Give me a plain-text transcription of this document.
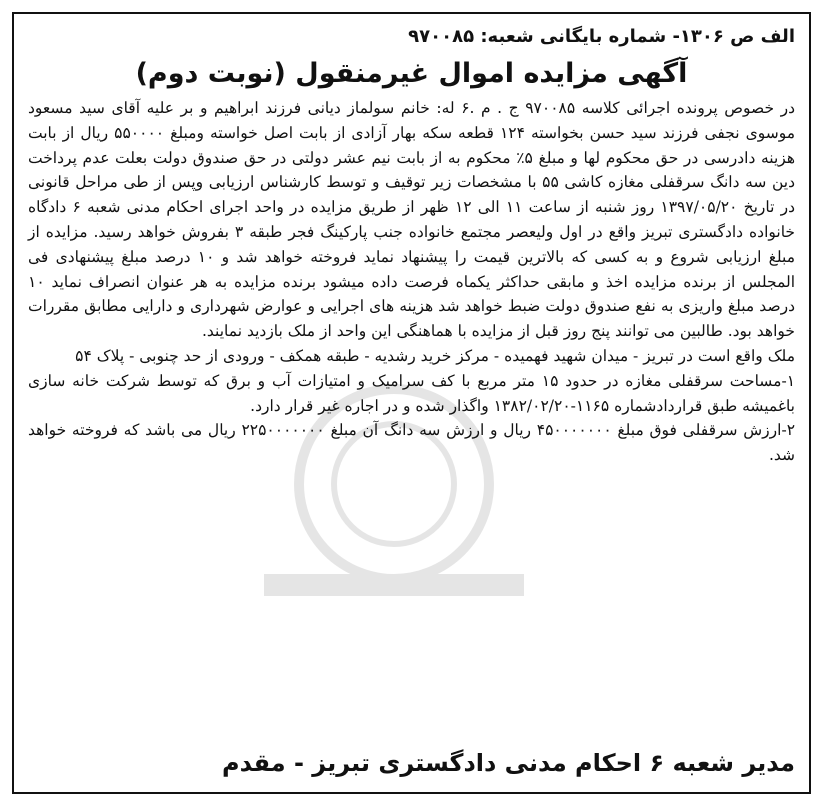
الف ص ۱۳۰۶- شماره بایگانی شعبه: ۹۷۰۰۸۵
آگهی مزایده اموال غیرمنقول (نوبت دوم)

در خصوص پرونده اجرائی کلاسه ۹۷۰۰۸۵ ج . م .۶ له: خانم سولماز دیانی فرزند ابراهیم و بر علیه آقای سید مسعود موسوی نجفی فرزند سید حسن بخواسته ۱۲۴ قطعه سکه بهار آزادی از بابت اصل خواسته ومبلغ ۵۵۰۰۰۰ ریال از بابت هزینه دادرسی در حق محکوم لها و مبلغ ۵٪ محکوم به از بابت نیم عشر دولتی در حق صندوق دولت بعلت عدم پرداخت دین سه دانگ سرقفلی مغازه کاشی ۵۵ با مشخصات زیر توقیف و توسط کارشناس ارزیابی وپس از طی مراحل قانونی در تاریخ ۱۳۹۷/۰۵/۲۰ روز شنبه از ساعت ۱۱ الی ۱۲ ظهر از طریق مزایده در واحد اجرای احکام مدنی شعبه ۶ دادگاه خانواده دادگستری تبریز واقع در اول ولیعصر مجتمع خانواده جنب پارکینگ فجر طبقه ۳ بفروش خواهد رسید. مزایده از مبلغ ارزیابی شروع و به کسی که بالاترین قیمت را پیشنهاد نماید فروخته خواهد شد و ۱۰ درصد مبلغ پیشنهادی فی المجلس از برنده مزایده اخذ و مابقی حداکثر یکماه فرصت داده میشود برنده مزایده به هر عنوان انصراف نماید ۱۰ درصد مبلغ واریزی به نفع صندوق دولت ضبط خواهد شد هزینه های اجرایی و عوارض شهرداری و دارایی مطابق مقررات خواهد بود. طالبین می توانند پنج روز قبل از مزایده با هماهنگی این واحد از ملک بازدید نمایند.

ملک واقع است در تبریز - میدان شهید فهمیده - مرکز خرید رشدیه - طبقه همکف - ورودی از حد چنوبی - پلاک ۵۴

۱-مساحت سرقفلی مغازه در حدود ۱۵ متر مربع با کف سرامیک و امتیازات آب و برق که توسط شرکت خانه سازی باغمیشه طبق قراردادشماره ۱۱۶۵-۱۳۸۲/۰۲/۲۰ واگذار شده و در اجاره غیر قرار دارد.

۲-ارزش سرقفلی فوق مبلغ ۴۵۰۰۰۰۰۰۰ ریال و ارزش سه دانگ آن مبلغ ۲۲۵۰۰۰۰۰۰۰ ریال می باشد که فروخته خواهد شد.

مدیر شعبه ۶ احکام مدنی دادگستری تبریز - مقدم
